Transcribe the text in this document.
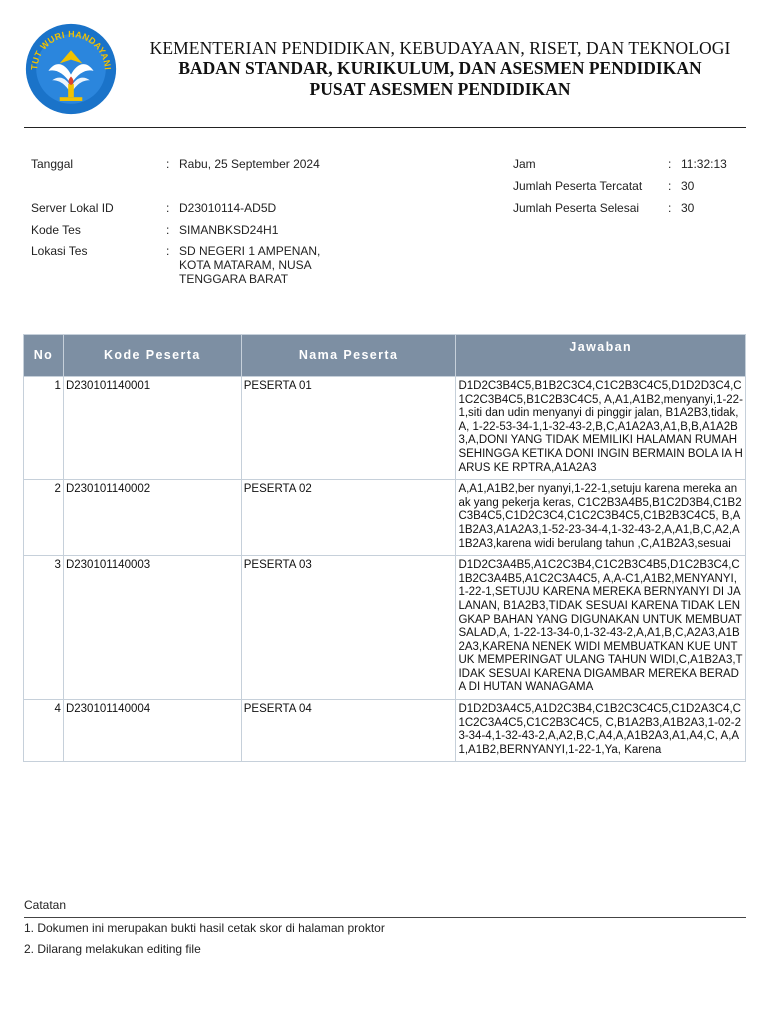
TUT WURI HANDAYANI
KEMENTERIAN PENDIDIKAN, KEBUDAYAAN, RISET, DAN TEKNOLOGI
BADAN STANDAR, KURIKULUM, DAN ASESMEN PENDIDIKAN
PUSAT ASESMEN PENDIDIKAN
Tanggal	: Rabu, 25 September 2024
Server Lokal ID	: D23010114-AD5D
Kode Tes	: SIMANBKSD24H1
Lokasi Tes	: SD NEGERI 1 AMPENAN, KOTA MATARAM, NUSA TENGGARA BARAT
Jam	: 11:32:13
Jumlah Peserta Tercatat : 30
Jumlah Peserta Selesai : 30
No	Kode Peserta	Nama Peserta	Jawaban
1	D230101140001	PESERTA 01	D1D2C3B4C5,B1B2C3C4,C1C2B3C4C5,D1D2D3C4,C1C2C3B4C5,B1C2B3C4C5, A,A1,A1B2,menyanyi,1-22-1,siti dan udin menyanyi di pinggir jalan, B1A2B3,tidak,A, 1-22-53-34-1,1-32-43-2,B,C,A1A2A3,A1,B,B,A1A2B3,A,DONI YANG TIDAK MEMILIKI HALAMAN RUMAH SEHINGGA KETIKA DONI INGIN BERMAIN BOLA IA HARUS KE RPTRA,A1A2A3
2	D230101140002	PESERTA 02	A,A1,A1B2,ber nyanyi,1-22-1,setuju karena mereka anak yang pekerja keras, C1C2B3A4B5,B1C2D3B4,C1B2C3B4C5,C1D2C3C4,C1C2C3B4C5,C1B2B3C4C5, B,A1B2A3,A1A2A3,1-52-23-34-4,1-32-43-2,A,A1,B,C,A2,A1B2A3,karena widi berulang tahun ,C,A1B2A3,sesuai
3	D230101140003	PESERTA 03	D1D2C3A4B5,A1C2C3B4,C1C2B3C4B5,D1C2B3C4,C1B2C3A4B5,A1C2C3A4C5, A,A-C1,A1B2,MENYANYI,1-22-1,SETUJU KARENA MEREKA BERNYANYI DI JALANAN, B1A2B3,TIDAK SESUAI KARENA TIDAK LENGKAP BAHAN YANG DIGUNAKAN UNTUK MEMBUAT SALAD,A, 1-22-13-34-0,1-32-43-2,A,A1,B,C,A2A3,A1B2A3,KARENA NENEK WIDI MEMBUATKAN KUE UNTUK MEMPERINGAT ULANG TAHUN WIDI,C,A1B2A3,TIDAK SESUAI KARENA DIGAMBAR MEREKA BERADA DI HUTAN WANAGAMA
4	D230101140004	PESERTA 04	D1D2D3A4C5,A1D2C3B4,C1B2C3C4C5,C1D2A3C4,C1C2C3A4C5,C1C2B3C4C5, C,B1A2B3,A1B2A3,1-02-23-34-4,1-32-43-2,A,A2,B,C,A4,A,A1B2A3,A1,A4,C, A,A1,A1B2,BERNYANYI,1-22-1,Ya, Karena
Catatan
1. Dokumen ini merupakan bukti hasil cetak skor di halaman proktor
2. Dilarang melakukan editing file
